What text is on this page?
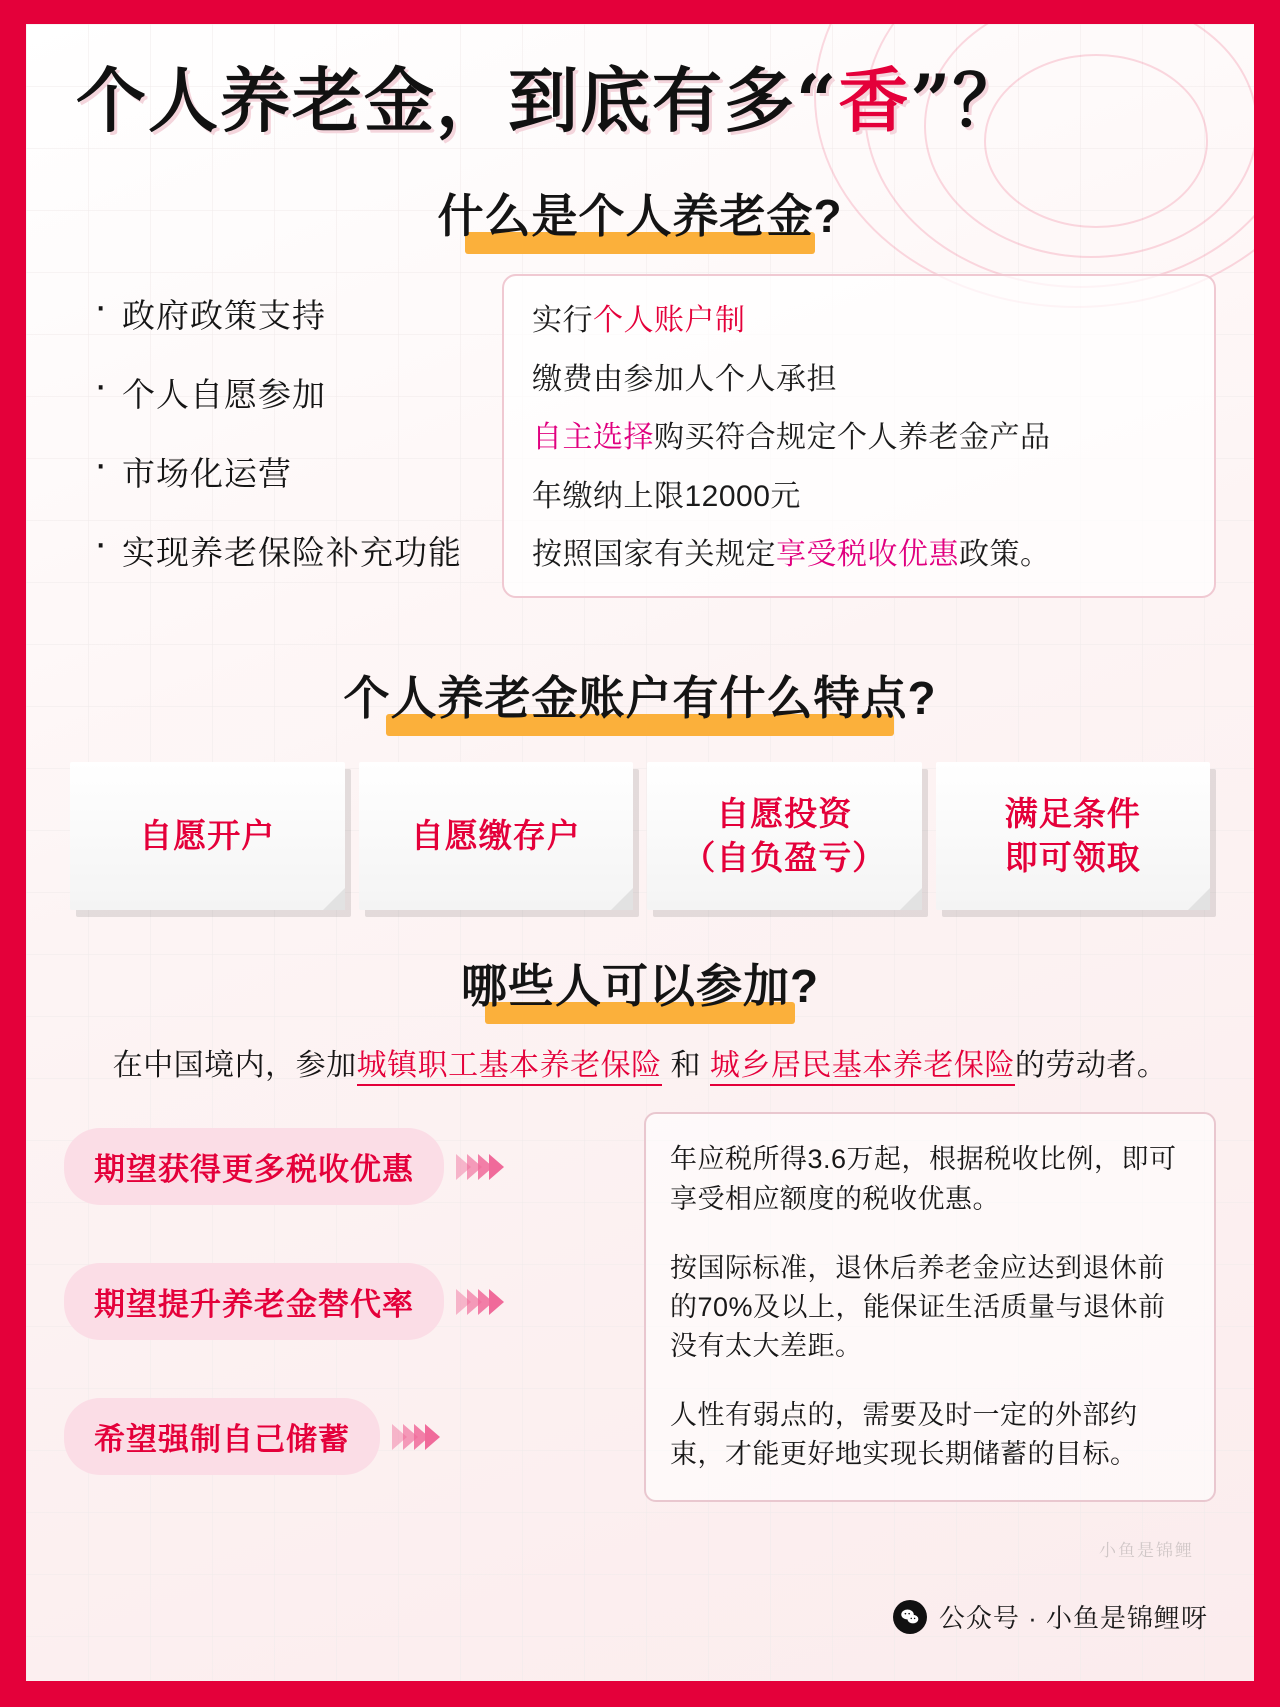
个人养老金，到底有多“香”？
什么是个人养老金?
· 政府政策支持
· 个人自愿参加
· 市场化运营
· 实现养老保险补充功能

实行个人账户制

缴费由参加人个人承担

自主选择购买符合规定个人养老金产品

年缴纳上限12000元

按照国家有关规定享受税收优惠政策。

个人养老金账户有什么特点?
自愿开户	自愿缴存户
自愿投资
（自负盈亏）
满足条件
即可领取
哪些人可以参加?
在中国境内，参加城镇职工基本养老保险 和 城乡居民基本养老保险的劳动者。
期望获得更多税收优惠
期望提升养老金替代率
希望强制自己储蓄

年应税所得3.6万起，根据税收比例，即可享受相应额度的税收优惠。

按国际标准，退休后养老金应达到退休前的70%及以上，能保证生活质量与退休前没有太大差距。

人性有弱点的，需要及时一定的外部约束，才能更好地实现长期储蓄的目标。

小鱼是锦鲤
公众号 · 小鱼是锦鲤呀
